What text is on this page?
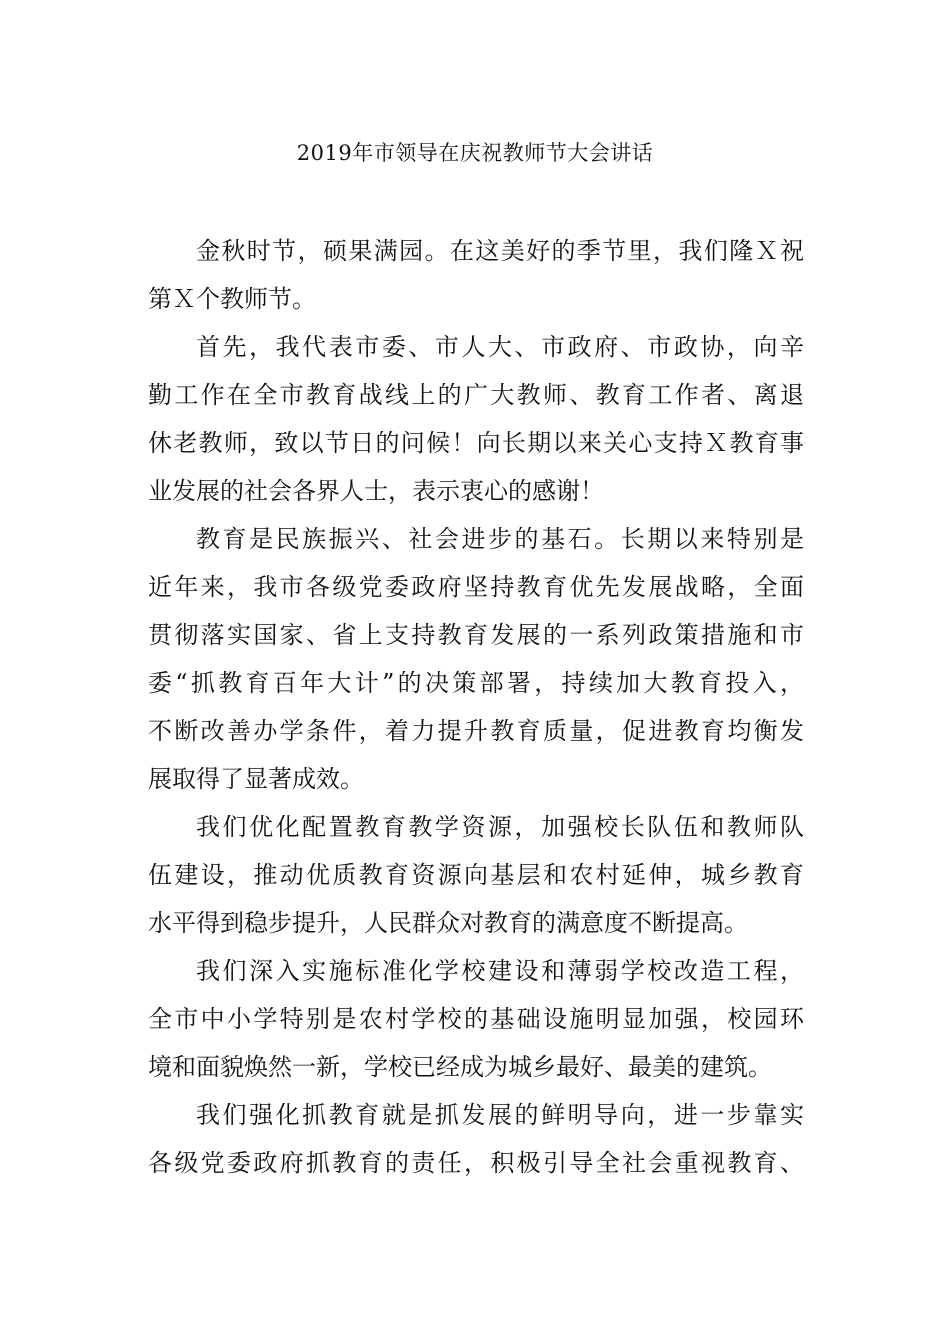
2019年市领导在庆祝教师节大会讲话

金秋时节，硕果满园。在这美好的季节里，我们隆Ｘ祝
第Ｘ个教师节。

首先，我代表市委、市人大、市政府、市政协，向辛
勤工作在全市教育战线上的广大教师、教育工作者、离退
休老教师，致以节日的问候！向长期以来关心支持Ｘ教育事
业发展的社会各界人士，表示衷心的感谢！

教育是民族振兴、社会进步的基石。长期以来特别是
近年来，我市各级党委政府坚持教育优先发展战略，全面
贯彻落实国家、省上支持教育发展的一系列政策措施和市
委“抓教育百年大计”的决策部署，持续加大教育投入，
不断改善办学条件，着力提升教育质量，促进教育均衡发
展取得了显著成效。

我们优化配置教育教学资源，加强校长队伍和教师队
伍建设，推动优质教育资源向基层和农村延伸，城乡教育
水平得到稳步提升，人民群众对教育的满意度不断提高。

我们深入实施标准化学校建设和薄弱学校改造工程，
全市中小学特别是农村学校的基础设施明显加强，校园环
境和面貌焕然一新，学校已经成为城乡最好、最美的建筑。

我们强化抓教育就是抓发展的鲜明导向，进一步靠实
各级党委政府抓教育的责任，积极引导全社会重视教育、
